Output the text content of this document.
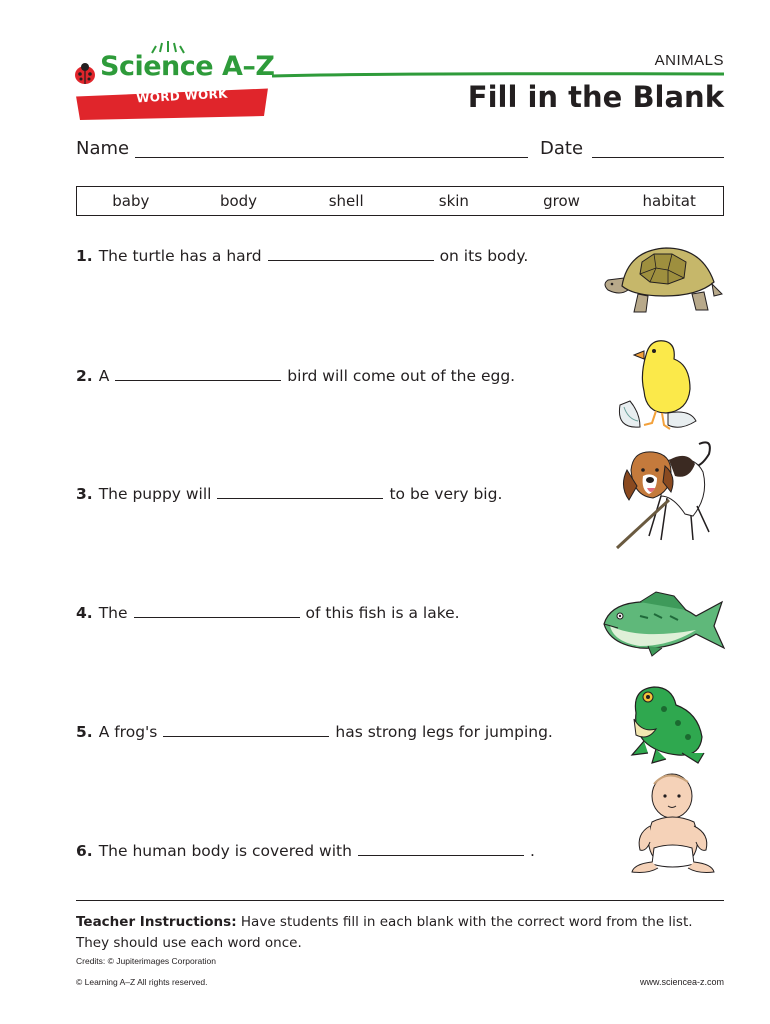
Science A–Z
WORD WORK
ANIMALS
Fill in the Blank
Name	Date
baby	body	shell	skin	grow	habitat
1. The turtle has a hard	on its body.
2. A	bird will come out of the egg.
3. The puppy will	to be very big.
4. The	of this fish is a lake.
5. A frog's	has strong legs for jumping.
6. The human body is covered with	.
Teacher Instructions: Have students fill in each blank with the correct word from the list.
They should use each word once.
Credits: © Jupiterimages Corporation
© Learning A–Z All rights reserved.	www.sciencea-z.com
